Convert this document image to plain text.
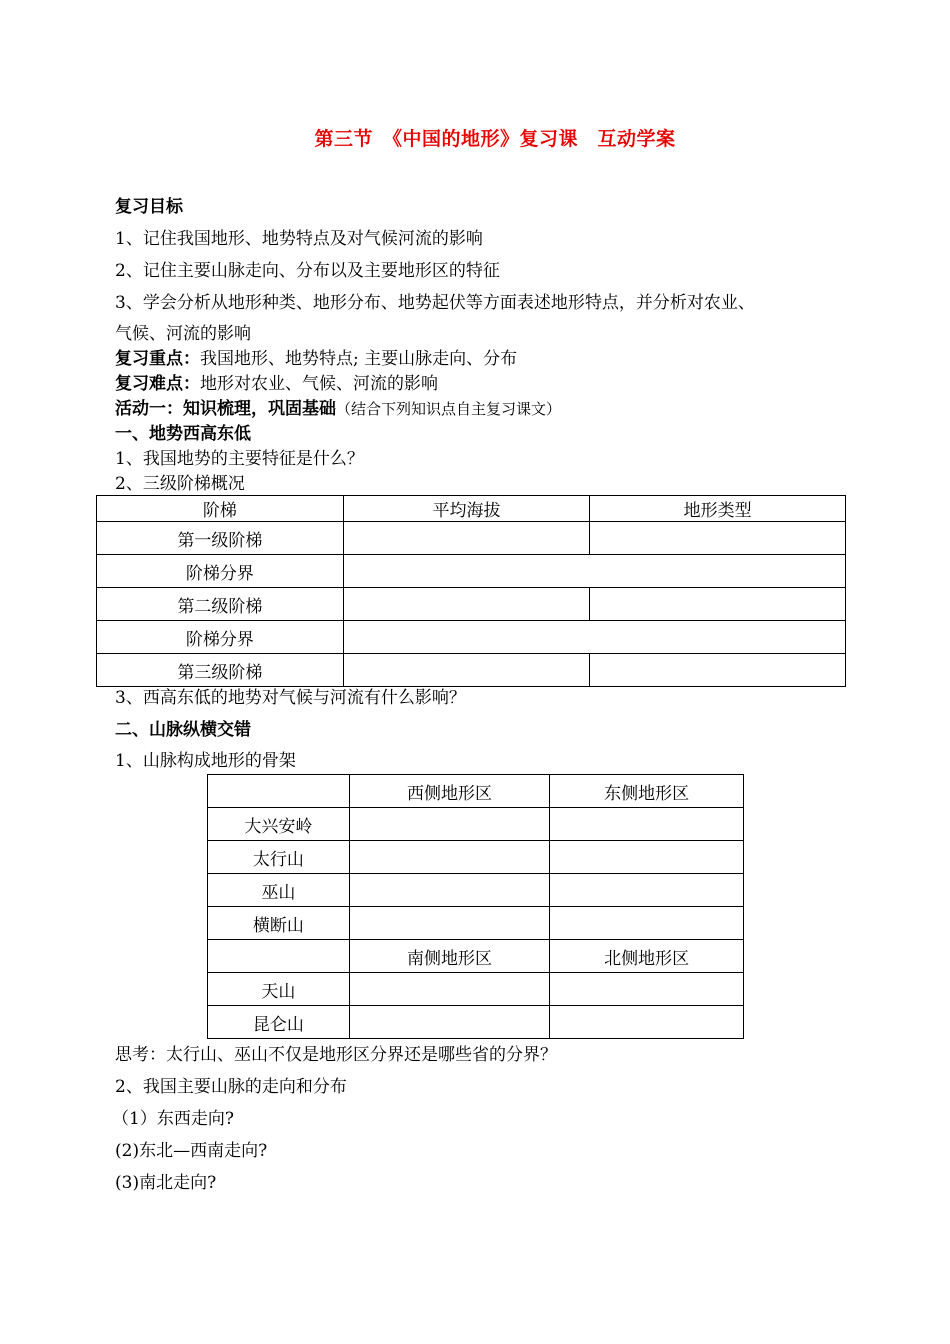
第三节　《中国的地形》复习课　互动学案
复习目标
1、记住我国地形、地势特点及对气候河流的影响
2、记住主要山脉走向、分布以及主要地形区的特征
3、学会分析从地形种类、地形分布、地势起伏等方面表述地形特点，并分析对农业、
气候、河流的影响
复习重点：我国地形、地势特点; 主要山脉走向、分布
复习难点：地形对农业、气候、河流的影响
活动一：知识梳理，巩固基础（结合下列知识点自主复习课文）
一、地势西高东低
1、我国地势的主要特征是什么？
2、三级阶梯概况
阶梯	平均海拔	地形类型
第一级阶梯		
阶梯分界		
第二级阶梯		
阶梯分界		
第三级阶梯		
3、西高东低的地势对气候与河流有什么影响？
二、山脉纵横交错
1、山脉构成地形的骨架
	西侧地形区	东侧地形区
大兴安岭		
太行山		
巫山		
横断山		
	南侧地形区	北侧地形区
天山		
昆仑山		
思考：太行山、巫山不仅是地形区分界还是哪些省的分界？
2、我国主要山脉的走向和分布
（1）东西走向?
(2)东北—西南走向?
(3)南北走向?
